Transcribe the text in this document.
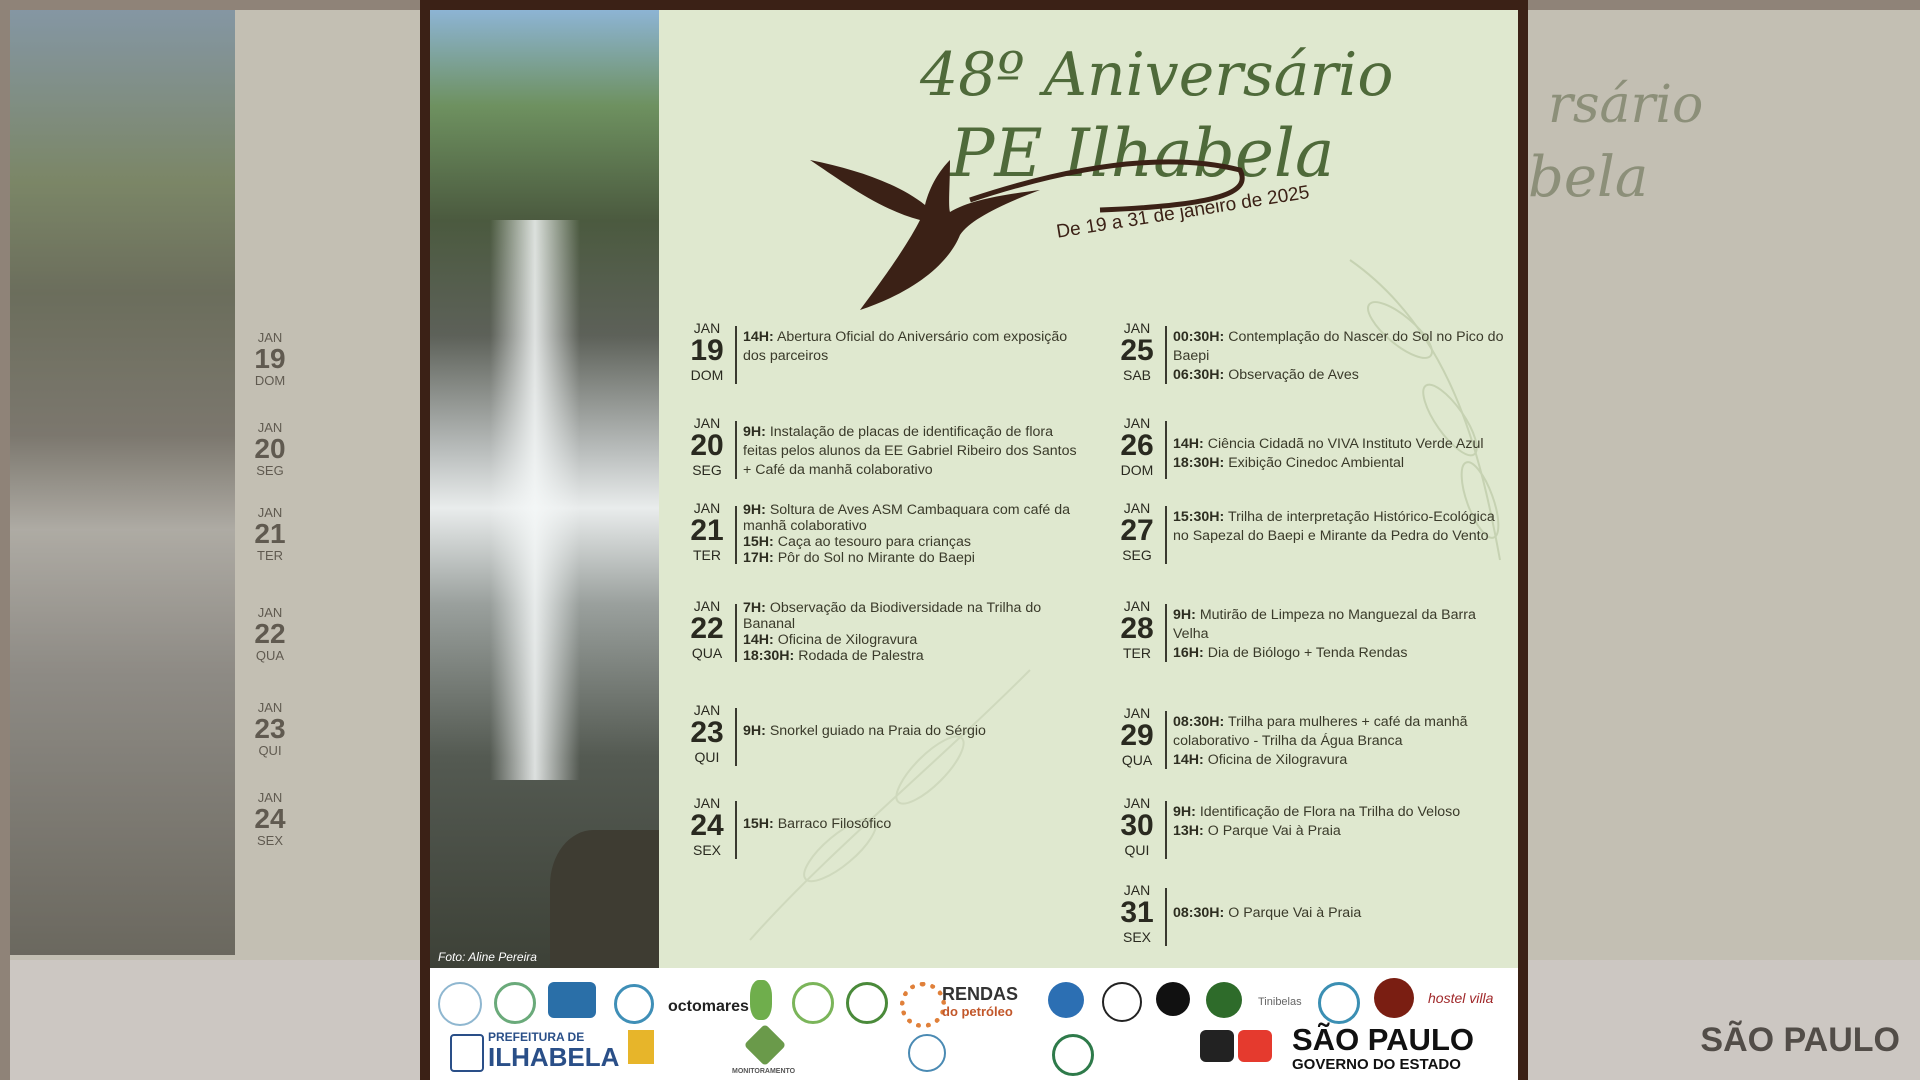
JAN
19
DOM
JAN
20
SEG
JAN
21
TER
JAN
22
QUA
JAN
23
QUI
JAN
24
SEX
rsário
bela
SÃO PAULO
Foto: Aline Pereira
48º Aniversário
PE Ilhabela
De 19 a 31 de janeiro de 2025
JAN
19
DOM
14H: Abertura Oficial do Aniversário com exposição dos parceiros
JAN
20
SEG
9H: Instalação de placas de identificação de flora feitas pelos alunos da EE Gabriel Ribeiro dos Santos + Café da manhã colaborativo
JAN
21
TER
9H: Soltura de Aves ASM Cambaquara com café da manhã colaborativo
15H: Caça ao tesouro para crianças
17H: Pôr do Sol no Mirante do Baepi
JAN
22
QUA
7H: Observação da Biodiversidade na Trilha do Bananal
14H: Oficina de Xilogravura
18:30H: Rodada de Palestra
JAN
23
QUI
9H: Snorkel guiado na Praia do Sérgio
JAN
24
SEX
15H: Barraco Filosófico
JAN
25
SAB
00:30H: Contemplação do Nascer do Sol no Pico do Baepi
06:30H: Observação de Aves
JAN
26
DOM
14H: Ciência Cidadã no VIVA Instituto Verde Azul
18:30H: Exibição Cinedoc Ambiental
JAN
27
SEG
15:30H: Trilha de interpretação Histórico-Ecológica no Sapezal do Baepi e Mirante da Pedra do Vento
JAN
28
TER
9H: Mutirão de Limpeza no Manguezal da Barra Velha
16H: Dia de Biólogo + Tenda Rendas
JAN
29
QUA
08:30H: Trilha para mulheres + café da manhã colaborativo - Trilha da Água Branca
14H: Oficina de Xilogravura
JAN
30
QUI
9H: Identificação de Flora na Trilha do Veloso
13H: O Parque Vai à Praia
JAN
31
SEX
08:30H: O Parque Vai à Praia
octomares
RENDAS
do petróleo
Tinibelas	hostel villa
PREFEITURA DE
ILHABELA	MONITORAMENTO
SÃO PAULO
GOVERNO DO ESTADO
